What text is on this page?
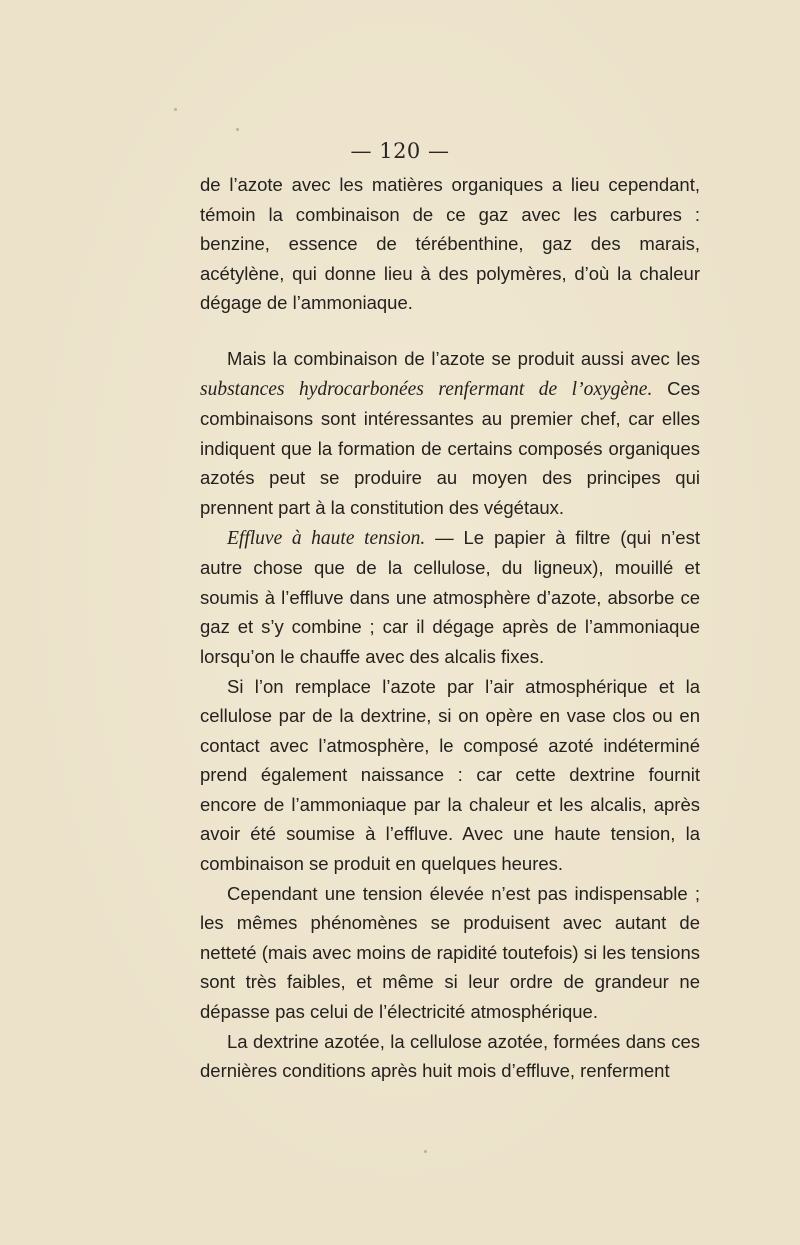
— 120 —

de l’azote avec les matières organiques a lieu cependant, témoin la combinaison de ce gaz avec les carbures : benzine, essence de térébenthine, gaz des marais, acétylène, qui donne lieu à des polymères, d’où la chaleur dégage de l’ammoniaque.

Mais la combinaison de l’azote se produit aussi avec les substances hydrocarbonées renfermant de l’oxygène. Ces combinaisons sont intéressantes au premier chef, car elles indiquent que la formation de certains composés organiques azotés peut se produire au moyen des principes qui prennent part à la constitution des végétaux.

Effluve à haute tension. — Le papier à filtre (qui n’est autre chose que de la cellulose, du ligneux), mouillé et soumis à l’effluve dans une atmosphère d’azote, absorbe ce gaz et s’y combine ; car il dégage après de l’ammoniaque lorsqu’on le chauffe avec des alcalis fixes.

Si l’on remplace l’azote par l’air atmosphérique et la cellulose par de la dextrine, si on opère en vase clos ou en contact avec l’atmosphère, le composé azoté indéterminé prend également naissance : car cette dextrine fournit encore de l’ammoniaque par la chaleur et les alcalis, après avoir été soumise à l’effluve. Avec une haute tension, la combinaison se produit en quelques heures.

Cependant une tension élevée n’est pas indispensable ; les mêmes phénomènes se produisent avec autant de netteté (mais avec moins de rapidité toutefois) si les tensions sont très faibles, et même si leur ordre de grandeur ne dépasse pas celui de l’électricité atmosphérique.

La dextrine azotée, la cellulose azotée, formées dans ces dernières conditions après huit mois d’effluve, renferment
